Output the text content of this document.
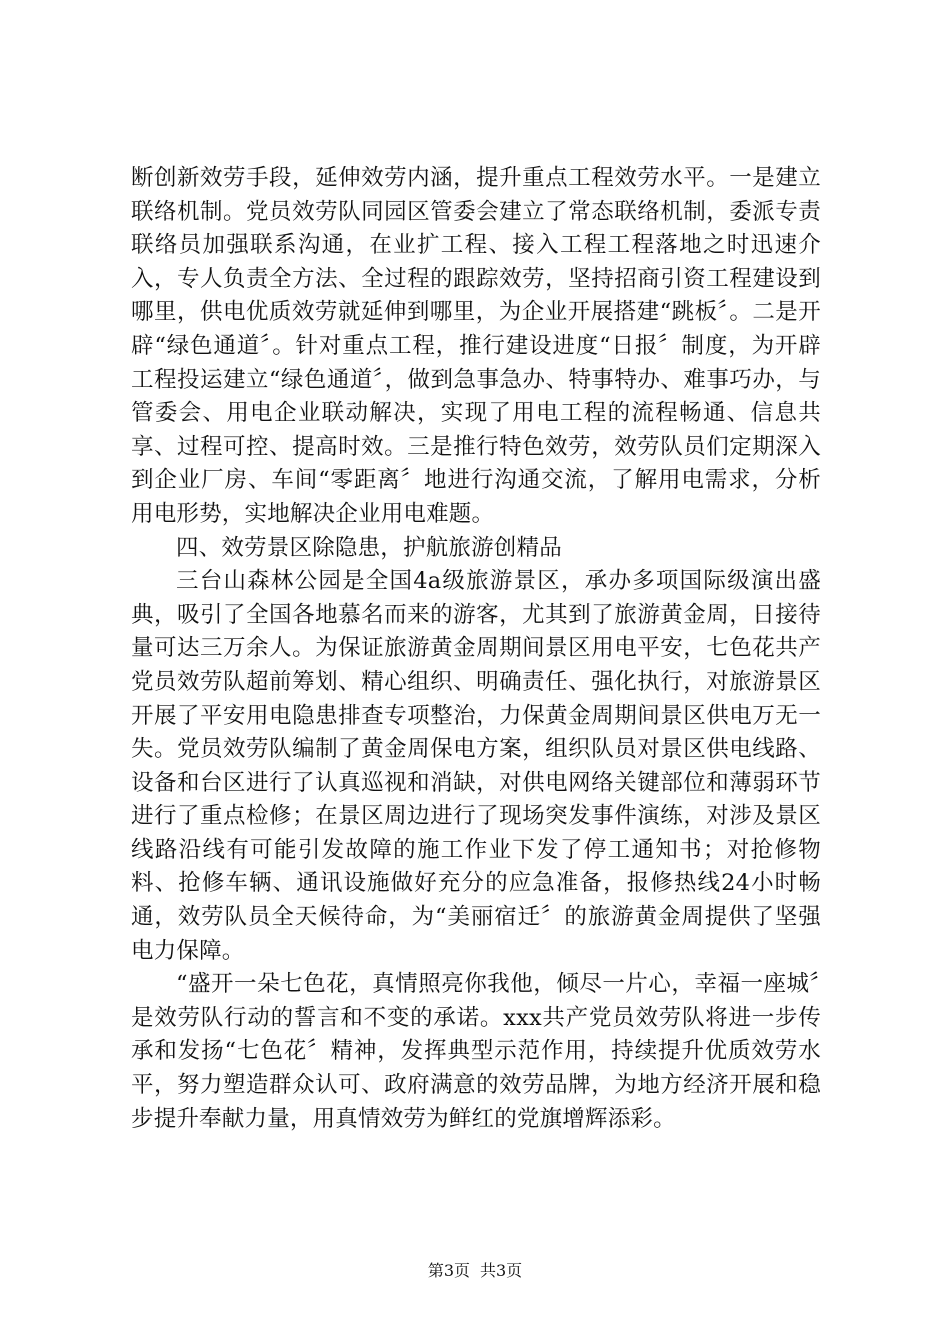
断创新效劳手段，延伸效劳内涵，提升重点工程效劳水平。一是建立联络机制。党员效劳队同园区管委会建立了常态联络机制，委派专责联络员加强联系沟通，在业扩工程、接入工程工程落地之时迅速介入，专人负责全方法、全过程的跟踪效劳，坚持招商引资工程建设到哪里，供电优质效劳就延伸到哪里，为企业开展搭建“跳板〞。二是开辟“绿色通道〞。针对重点工程，推行建设进度“日报〞制度，为开辟工程投运建立“绿色通道〞，做到急事急办、特事特办、难事巧办，与管委会、用电企业联动解决，实现了用电工程的流程畅通、信息共享、过程可控、提高时效。三是推行特色效劳，效劳队员们定期深入到企业厂房、车间“零距离〞地进行沟通交流，了解用电需求，分析用电形势，实地解决企业用电难题。

四、效劳景区除隐患，护航旅游创精品

三台山森林公园是全国4a级旅游景区，承办多项国际级演出盛典，吸引了全国各地慕名而来的游客，尤其到了旅游黄金周，日接待量可达三万余人。为保证旅游黄金周期间景区用电平安，七色花共产党员效劳队超前筹划、精心组织、明确责任、强化执行，对旅游景区开展了平安用电隐患排查专项整治，力保黄金周期间景区供电万无一失。党员效劳队编制了黄金周保电方案，组织队员对景区供电线路、设备和台区进行了认真巡视和消缺，对供电网络关键部位和薄弱环节进行了重点检修；在景区周边进行了现场突发事件演练，对涉及景区线路沿线有可能引发故障的施工作业下发了停工通知书；对抢修物料、抢修车辆、通讯设施做好充分的应急准备，报修热线24小时畅通，效劳队员全天候待命，为“美丽宿迁〞的旅游黄金周提供了坚强电力保障。

“盛开一朵七色花，真情照亮你我他，倾尽一片心，幸福一座城〞是效劳队行动的誓言和不变的承诺。xxx共产党员效劳队将进一步传承和发扬“七色花〞精神，发挥典型示范作用，持续提升优质效劳水平，努力塑造群众认可、政府满意的效劳品牌，为地方经济开展和稳步提升奉献力量，用真情效劳为鲜红的党旗增辉添彩。

第3页 共3页
